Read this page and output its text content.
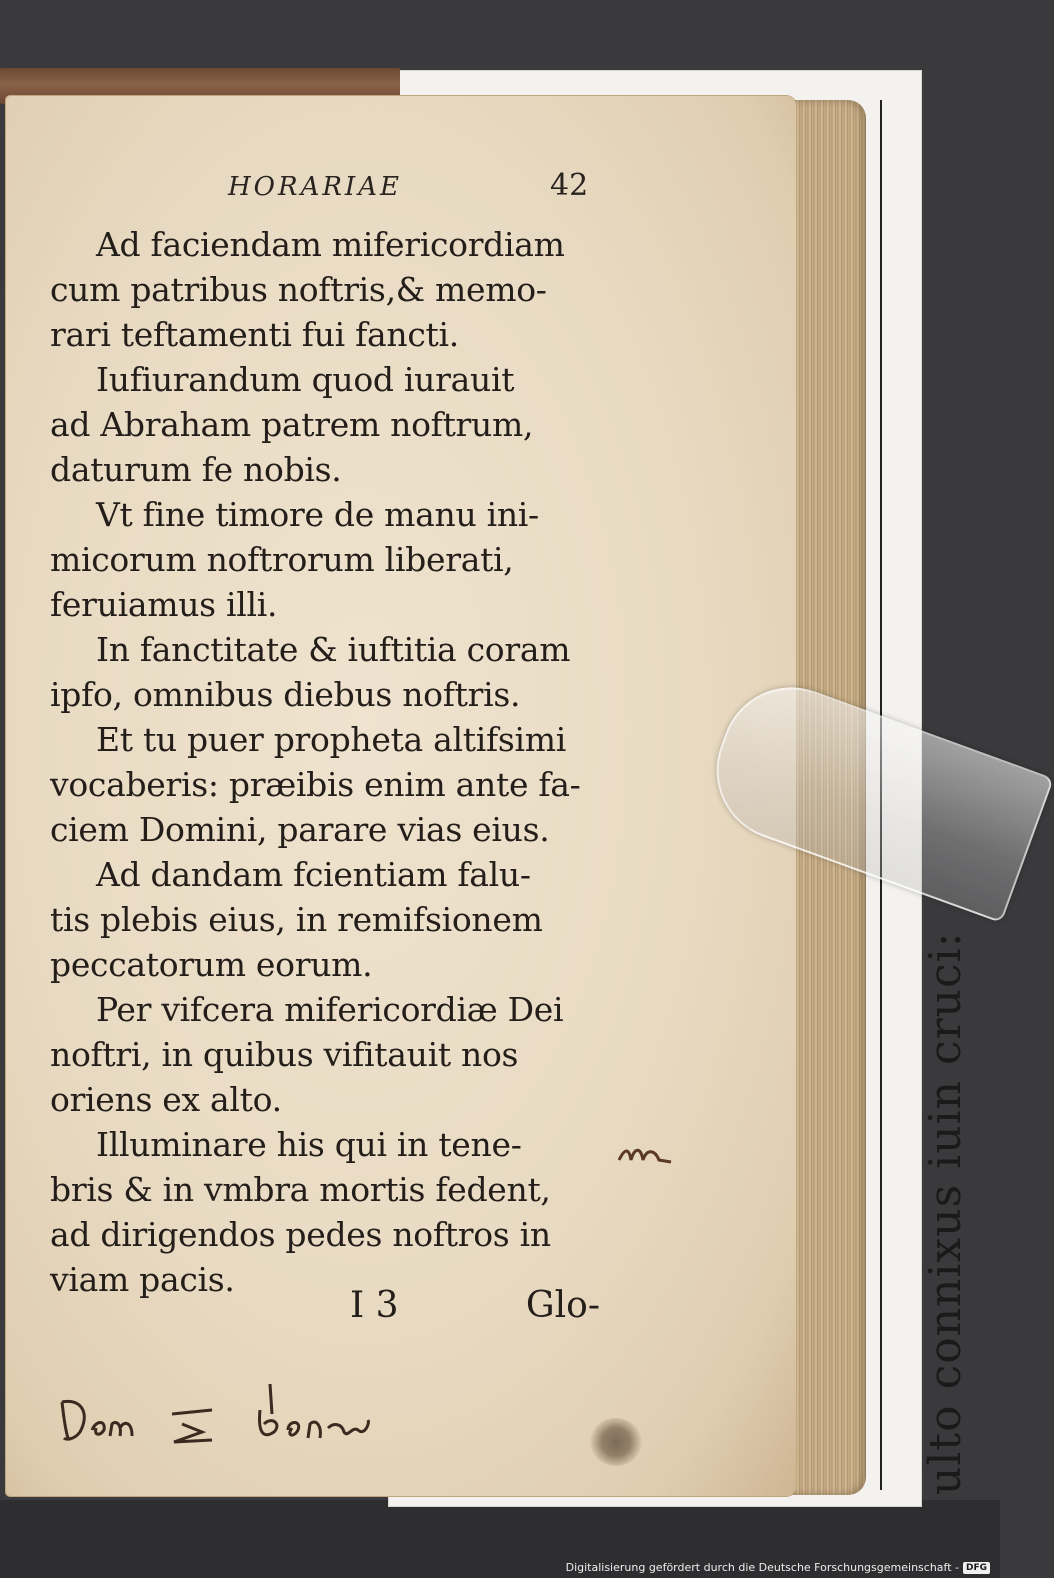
ulto connixus iuin cruci:
HORARIAE	42
Ad faciendam mifericordiam
cum patribus noftris,& memo-
rari teftamenti fui fancti.
Iufiurandum quod iurauit
ad Abraham patrem noftrum,
daturum fe nobis.
Vt fine timore de manu ini-
micorum noftrorum liberati,
feruiamus illi.
In fanctitate & iuftitia coram
ipfo, omnibus diebus noftris.
Et tu puer propheta altifsimi
vocaberis: præibis enim ante fa-
ciem Domini, parare vias eius.
Ad dandam fcientiam falu-
tis plebis eius, in remifsionem
peccatorum eorum.
Per vifcera mifericordiæ Dei
noftri, in quibus vifitauit nos
oriens ex alto.
Illuminare his qui in tene-
bris & in vmbra mortis fedent,
ad dirigendos pedes noftros in
viam pacis.
I 3	Glo-
Digitalisierung gefördert durch die Deutsche Forschungsgemeinschaft - DFG
